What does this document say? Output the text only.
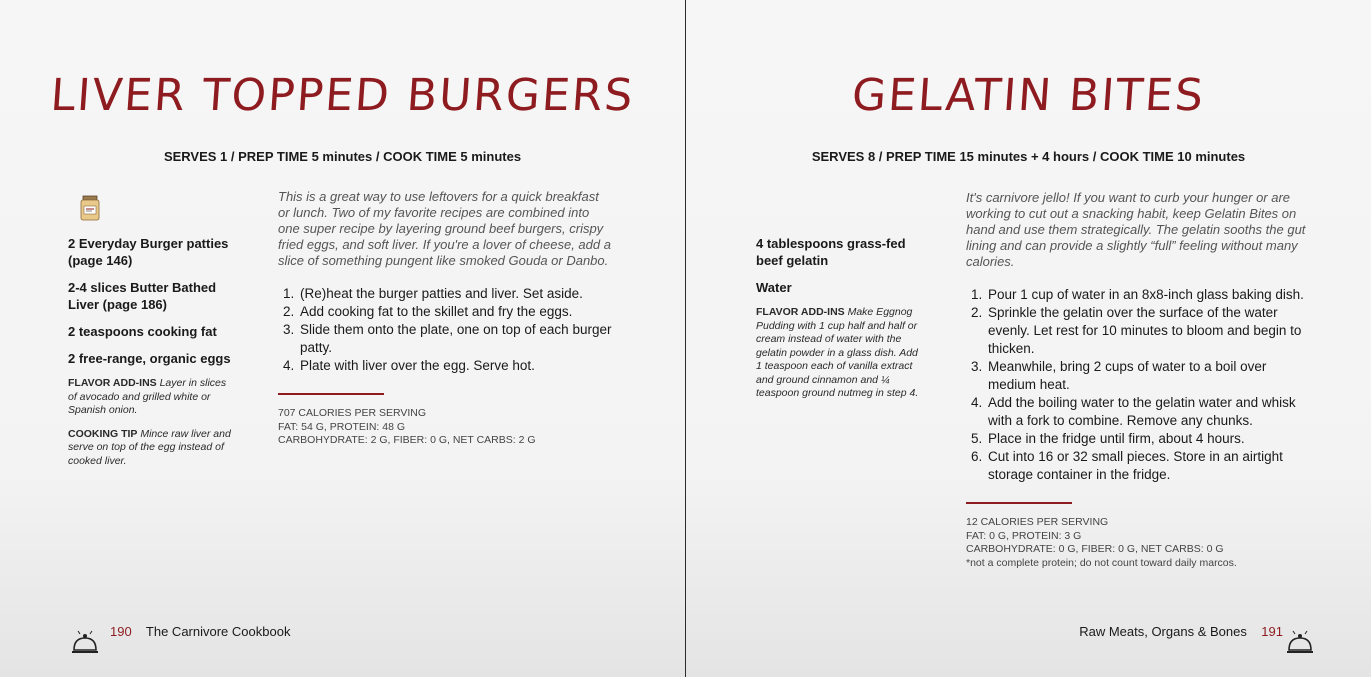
LIVER TOPPED BURGERS
SERVES 1 / PREP TIME 5 minutes / COOK TIME 5 minutes
2 Everyday Burger patties (page 146)
2-4 slices Butter Bathed Liver (page 186)
2 teaspoons cooking fat
2 free-range, organic eggs
FLAVOR ADD-INS Layer in slices of avocado and grilled white or Spanish onion.
COOKING TIP Mince raw liver and serve on top of the egg instead of cooked liver.

This is a great way to use leftovers for a quick breakfast or lunch. Two of my favorite recipes are combined into one super recipe by layering ground beef burgers, crispy fried eggs, and soft liver. If you're a lover of cheese, add a slice of something pungent like smoked Gouda or Danbo.

1. (Re)heat the burger patties and liver. Set aside.
2. Add cooking fat to the skillet and fry the eggs.
3. Slide them onto the plate, one on top of each burger patty.
4. Plate with liver over the egg. Serve hot.
707 CALORIES PER SERVING
FAT: 54 G, PROTEIN: 48 G
CARBOHYDRATE: 2 G, FIBER: 0 G, NET CARBS: 2 G
190 The Carnivore Cookbook
GELATIN BITES
SERVES 8 / PREP TIME 15 minutes + 4 hours / COOK TIME 10 minutes
4 tablespoons grass-fed beef gelatin
Water
FLAVOR ADD-INS Make Eggnog Pudding with 1 cup half and half or cream instead of water with the gelatin powder in a glass dish. Add 1 teaspoon each of vanilla extract and ground cinnamon and ¼ teaspoon ground nutmeg in step 4.

It's carnivore jello! If you want to curb your hunger or are working to cut out a snacking habit, keep Gelatin Bites on hand and use them strategically. The gelatin sooths the gut lining and can provide a slightly “full” feeling without many calories.

1. Pour 1 cup of water in an 8x8-inch glass baking dish.
2. Sprinkle the gelatin over the surface of the water evenly. Let rest for 10 minutes to bloom and begin to thicken.
3. Meanwhile, bring 2 cups of water to a boil over medium heat.
4. Add the boiling water to the gelatin water and whisk with a fork to combine. Remove any chunks.
5. Place in the fridge until firm, about 4 hours.
6. Cut into 16 or 32 small pieces. Store in an airtight storage container in the fridge.
12 CALORIES PER SERVING
FAT: 0 G, PROTEIN: 3 G
CARBOHYDRATE: 0 G, FIBER: 0 G, NET CARBS: 0 G
*not a complete protein; do not count toward daily marcos.
Raw Meats, Organs & Bones 191
